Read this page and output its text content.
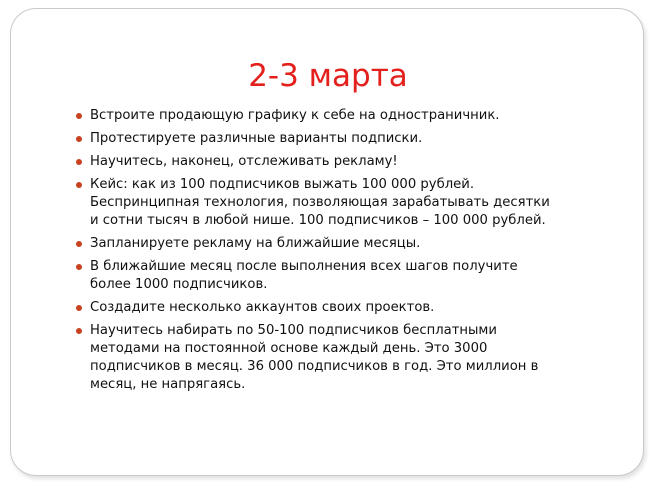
2-3 марта
Встроите продающую графику к себе на одностраничник.
Протестируете различные варианты подписки.
Научитесь, наконец, отслеживать рекламу!
Кейс: как из 100 подписчиков выжать 100 000 рублей.
Беспринципная технология, позволяющая зарабатывать десятки
и сотни тысяч в любой нише. 100 подписчиков – 100 000 рублей.
Запланируете рекламу на ближайшие месяцы.
В ближайшие месяц после выполнения всех шагов получите
более 1000 подписчиков.
Создадите несколько аккаунтов своих проектов.
Научитесь набирать по 50-100 подписчиков бесплатными
методами на постоянной основе каждый день. Это 3000
подписчиков в месяц. 36 000 подписчиков в год. Это миллион в
месяц, не напрягаясь.
